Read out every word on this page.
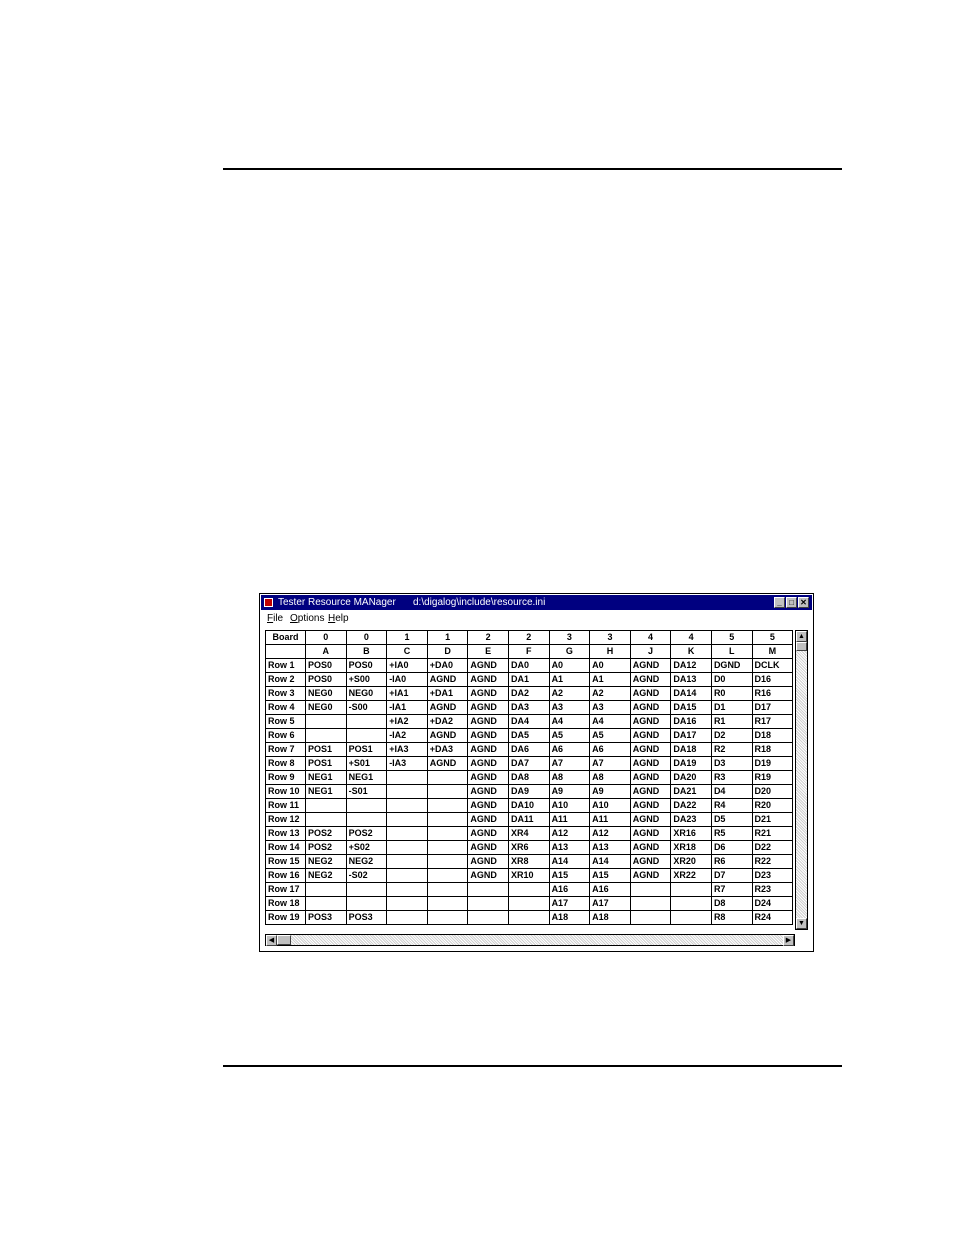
Tester Resource MANager d:\digalog\include\resource.ini	_ □ ✕
File Options Help
Board	0	0	1	1	2	2	3	3	4	4	5	5
	A	B	C	D	E	F	G	H	J	K	L	M
Row 1	POS0	POS0	+IA0	+DA0	AGND	DA0	A0	A0	AGND	DA12	DGND	DCLK
Row 2	POS0	+S00	-IA0	AGND	AGND	DA1	A1	A1	AGND	DA13	D0	D16
Row 3	NEG0	NEG0	+IA1	+DA1	AGND	DA2	A2	A2	AGND	DA14	R0	R16
Row 4	NEG0	-S00	-IA1	AGND	AGND	DA3	A3	A3	AGND	DA15	D1	D17
Row 5			+IA2	+DA2	AGND	DA4	A4	A4	AGND	DA16	R1	R17
Row 6			-IA2	AGND	AGND	DA5	A5	A5	AGND	DA17	D2	D18
Row 7	POS1	POS1	+IA3	+DA3	AGND	DA6	A6	A6	AGND	DA18	R2	R18
Row 8	POS1	+S01	-IA3	AGND	AGND	DA7	A7	A7	AGND	DA19	D3	D19
Row 9	NEG1	NEG1			AGND	DA8	A8	A8	AGND	DA20	R3	R19
Row 10	NEG1	-S01			AGND	DA9	A9	A9	AGND	DA21	D4	D20
Row 11					AGND	DA10	A10	A10	AGND	DA22	R4	R20
Row 12					AGND	DA11	A11	A11	AGND	DA23	D5	D21
Row 13	POS2	POS2			AGND	XR4	A12	A12	AGND	XR16	R5	R21
Row 14	POS2	+S02			AGND	XR6	A13	A13	AGND	XR18	D6	D22
Row 15	NEG2	NEG2			AGND	XR8	A14	A14	AGND	XR20	R6	R22
Row 16	NEG2	-S02			AGND	XR10	A15	A15	AGND	XR22	D7	D23
Row 17							A16	A16			R7	R23
Row 18							A17	A17			D8	D24
Row 19	POS3	POS3					A18	A18			R8	R24
▲
▼
◀	▶
